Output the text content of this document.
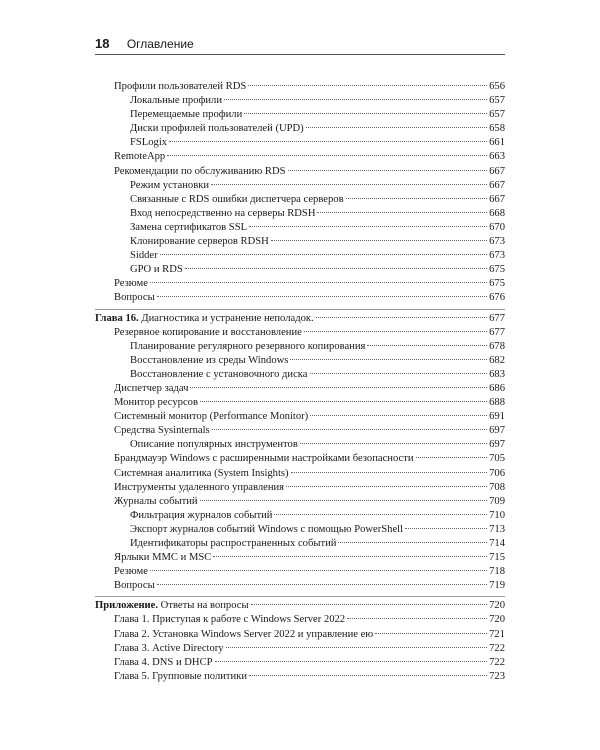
18 Оглавление
Профили пользователей RDS	656
Локальные профили	657
Перемещаемые профили	657
Диски профилей пользователей (UPD)	658
FSLogix	661
RemoteApp	663
Рекомендации по обслуживанию RDS	667
Режим установки	667
Связанные с RDS ошибки диспетчера серверов	667
Вход непосредственно на серверы RDSH	668
Замена сертификатов SSL	670
Клонирование серверов RDSH	673
Sidder	673
GPO и RDS	675
Резюме	675
Вопросы	676
Глава 16. Диагностика и устранение неполадок.	677
Резервное копирование и восстановление	677
Планирование регулярного резервного копирования	678
Восстановление из среды Windows	682
Восстановление с установочного диска	683
Диспетчер задач	686
Монитор ресурсов	688
Системный монитор (Performance Monitor)	691
Средства Sysinternals	697
Описание популярных инструментов	697
Брандмауэр Windows с расширенными настройками безопасности	705
Системная аналитика (System Insights)	706
Инструменты удаленного управления	708
Журналы событий	709
Фильтрация журналов событий	710
Экспорт журналов событий Windows с помощью PowerShell	713
Идентификаторы распространенных событий	714
Ярлыки MMC и MSC	715
Резюме	718
Вопросы	719
Приложение. Ответы на вопросы	720
Глава 1. Приступая к работе с Windows Server 2022	720
Глава 2. Установка Windows Server 2022 и управление ею	721
Глава 3. Active Directory	722
Глава 4. DNS и DHCP	722
Глава 5. Групповые политики	723
